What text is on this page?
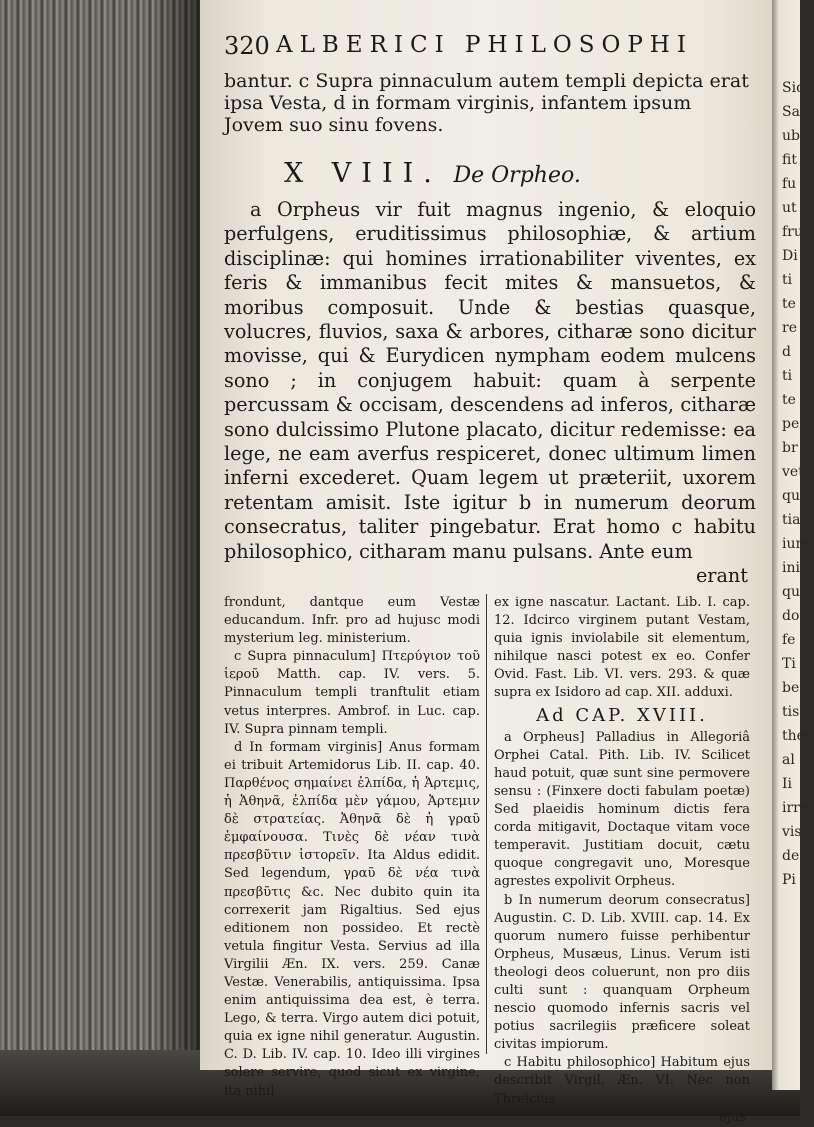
320 ALBERICI PHILOSOPHI
bantur. c Supra pinnaculum autem templi depicta erat ipsa Vesta, d in formam virginis, infantem ipsum Jovem suo sinu fovens.
X VIII. De Orpheo.

a Orpheus vir fuit magnus ingenio, & eloquio perfulgens, eruditissimus philosophiæ, & artium disciplinæ: qui homines irrationabiliter viventes, ex feris & immanibus fecit mites & mansuetos, & moribus composuit. Unde & bestias quasque, volucres, fluvios, saxa & arbores, citharæ sono dicitur movisse, qui & Eurydicen nympham eodem mulcens sono ; in conjugem habuit: quam à serpente percussam & occisam, descendens ad inferos, citharæ sono dulcissimo Plutone placato, dicitur redemisse: ea lege, ne eam averfus respiceret, donec ultimum limen inferni excederet. Quam legem ut præteriit, uxorem retentam amisit. Iste igitur b in numerum deorum consecratus, taliter pingebatur. Erat homo c habitu philosophico, citharam manu pulsans. Ante eum

erant

frondunt, dantque eum Vestæ educandum. Infr. pro ad hujusc modi mysterium leg. ministerium.

c Supra pinnaculum] Πτερύγιον τοῦ ἱεροῦ Matth. cap. IV. vers. 5. Pinnaculum templi tranftulit etiam vetus interpres. Ambrof. in Luc. cap. IV. Supra pinnam templi.

d In formam virginis] Anus formam ei tribuit Artemidorus Lib. II. cap. 40. Παρθένος σημαίνει ἐλπίδα, ἡ Ἀρτεμις, ἡ Ἀθηνᾶ, ἐλπίδα μὲν γάμου, Ἀρτεμιν δὲ στρατείας. Ἀθηνᾶ δὲ ἡ γραῦ ἐμφαίνουσα. Τινὲς δὲ νέαν τινὰ πρεσβῦτιν ἱστορεῖν. Ita Aldus edidit. Sed legendum, γραῦ δὲ νέα τινὰ πρεσβῦτις &c. Nec dubito quin ita correxerit jam Rigaltius. Sed ejus editionem non possideo. Et rectè vetula fingitur Vesta. Servius ad illa Virgilii Æn. IX. vers. 259. Canæ Vestæ. Venerabilis, antiquissima. Ipsa enim antiquissima dea est, è terra. Lego, & terra. Virgo autem dici potuit, quia ex igne nihil generatur. Augustin. C. D. Lib. IV. cap. 10. Ideo illi virgines solere servire, quod sicut ex virgine, ita nihil

ex igne nascatur. Lactant. Lib. I. cap. 12. Idcirco virginem putant Vestam, quia ignis inviolabile sit elementum, nihilque nasci potest ex eo. Confer Ovid. Fast. Lib. VI. vers. 293. & quæ supra ex Isidoro ad cap. XII. adduxi.

Ad CAP. XVIII.

a Orpheus] Palladius in Allegoriâ Orphei Catal. Pith. Lib. IV. Scilicet haud potuit, quæ sunt sine permovere sensu : (Finxere docti fabulam poetæ) Sed plaeidis hominum dictis fera corda mitigavit, Doctaque vitam voce temperavit. Justitiam docuit, cætu quoque congregavit uno, Moresque agrestes expolivit Orpheus.

b In numerum deorum consecratus] Augustin. C. D. Lib. XVIII. cap. 14. Ex quorum numero fuisse perhibentur Orpheus, Musæus, Linus. Verum isti theologi deos coluerunt, non pro diis culti sunt : quanquam Orpheum nescio quomodo infernis sacris vel potius sacrilegiis præficere soleat civitas impiorum.

c Habitu philosophico] Habitum ejus describit Virgil. Æn. VI. Nec non Threicius

ejus
Sic
Sacr
ubi
fit
fu
ut
fru
Di
ti
te
re
d
ti
te
pe
br
vet
qui
tiar
ium
ini
qu
dor
fe
Ti
be
tis
thet
al
Ii
irre
vis
de
Pi
